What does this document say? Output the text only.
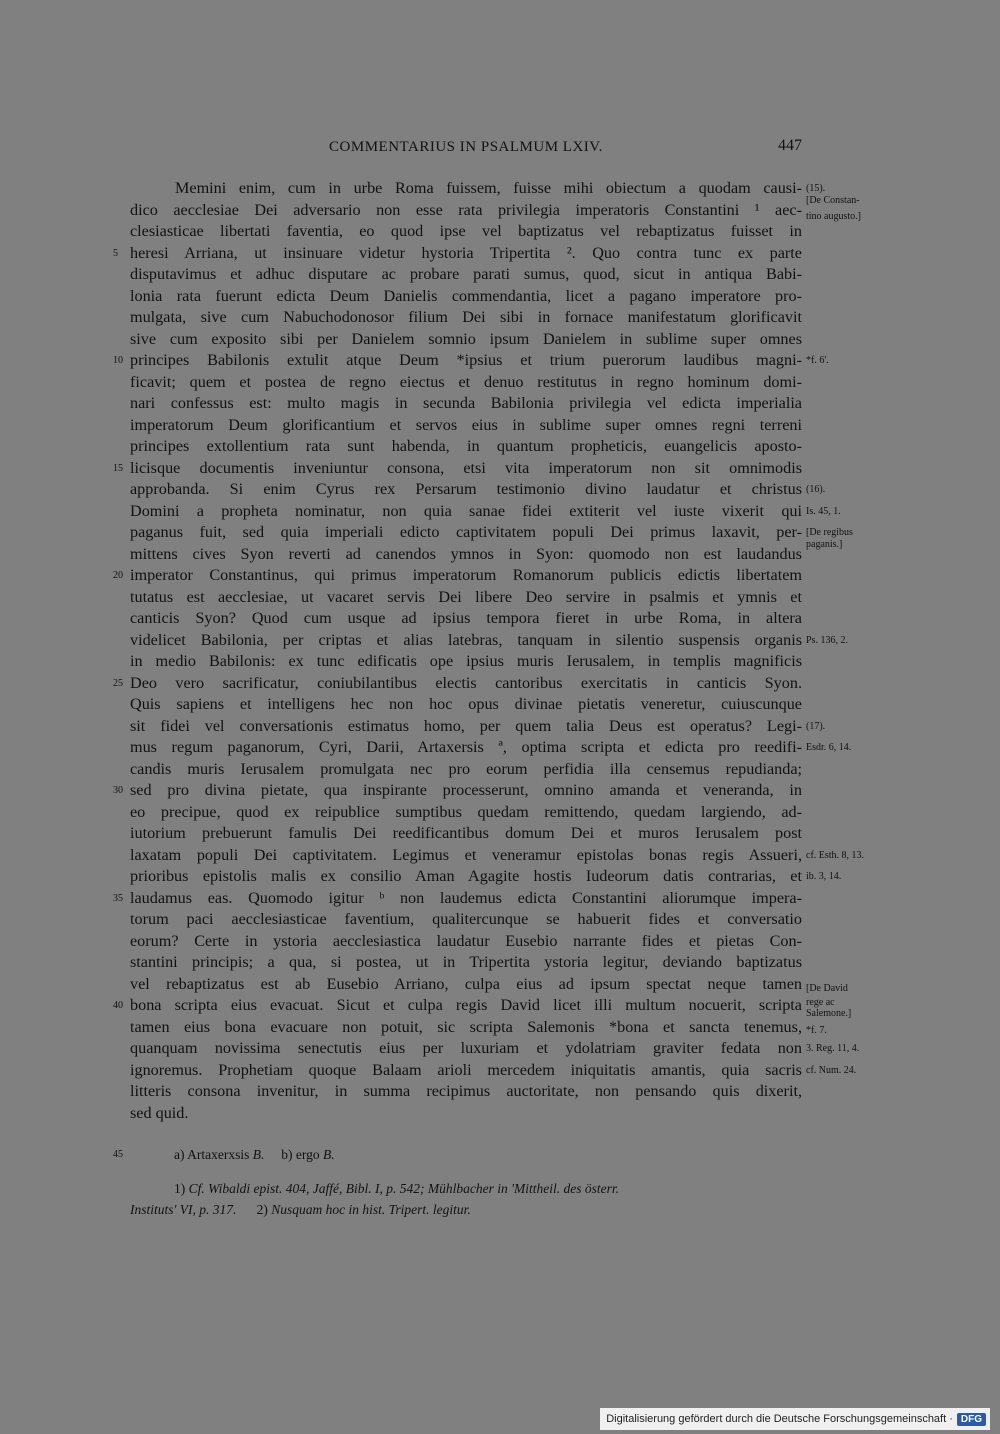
COMMENTARIUS IN PSALMUM LXIV.	447
Memini enim, cum in urbe Roma fuissem, fuisse mihi obiectum a quodam causi-
dico aecclesiae Dei adversario non esse rata privilegia imperatoris Constantini ¹ aec-
clesiasticae libertati faventia, eo quod ipse vel baptizatus vel rebaptizatus fuisset in
heresi Arriana, ut insinuare videtur hystoria Tripertita ². Quo contra tunc ex parte
disputavimus et adhuc disputare ac probare parati sumus, quod, sicut in antiqua Babi-
lonia rata fuerunt edicta Deum Danielis commendantia, licet a pagano imperatore pro-
mulgata, sive cum Nabuchodonosor filium Dei sibi in fornace manifestatum glorificavit
sive cum exposito sibi per Danielem somnio ipsum Danielem in sublime super omnes
principes Babilonis extulit atque Deum *ipsius et trium puerorum laudibus magni-
ficavit; quem et postea de regno eiectus et denuo restitutus in regno hominum domi-
nari confessus est: multo magis in secunda Babilonia privilegia vel edicta imperialia
imperatorum Deum glorificantium et servos eius in sublime super omnes regni terreni
principes extollentium rata sunt habenda, in quantum propheticis, euangelicis aposto-
licisque documentis inveniuntur consona, etsi vita imperatorum non sit omnimodis
approbanda. Si enim Cyrus rex Persarum testimonio divino laudatur et christus
Domini a propheta nominatur, non quia sanae fidei extiterit vel iuste vixerit qui
paganus fuit, sed quia imperiali edicto captivitatem populi Dei primus laxavit, per-
mittens cives Syon reverti ad canendos ymnos in Syon: quomodo non est laudandus
imperator Constantinus, qui primus imperatorum Romanorum publicis edictis libertatem
tutatus est aecclesiae, ut vacaret servis Dei libere Deo servire in psalmis et ymnis et
canticis Syon? Quod cum usque ad ipsius tempora fieret in urbe Roma, in altera
videlicet Babilonia, per criptas et alias latebras, tanquam in silentio suspensis organis
in medio Babilonis: ex tunc edificatis ope ipsius muris Ierusalem, in templis magnificis
Deo vero sacrificatur, coniubilantibus electis cantoribus exercitatis in canticis Syon.
Quis sapiens et intelligens hec non hoc opus divinae pietatis veneretur, cuiuscunque
sit fidei vel conversationis estimatus homo, per quem talia Deus est operatus? Legi-
mus regum paganorum, Cyri, Darii, Artaxersis ª, optima scripta et edicta pro reedifi-
candis muris Ierusalem promulgata nec pro eorum perfidia illa censemus repudianda;
sed pro divina pietate, qua inspirante processerunt, omnino amanda et veneranda, in
eo precipue, quod ex reipublice sumptibus quedam remittendo, quedam largiendo, ad-
iutorium prebuerunt famulis Dei reedificantibus domum Dei et muros Ierusalem post
laxatam populi Dei captivitatem. Legimus et veneramur epistolas bonas regis Assueri,
prioribus epistolis malis ex consilio Aman Agagite hostis Iudeorum datis contrarias, et
laudamus eas. Quomodo igitur ᵇ non laudemus edicta Constantini aliorumque impera-
torum paci aecclesiasticae faventium, qualitercunque se habuerit fides et conversatio
eorum? Certe in ystoria aecclesiastica laudatur Eusebio narrante fides et pietas Con-
stantini principis; a qua, si postea, ut in Tripertita ystoria legitur, deviando baptizatus
vel rebaptizatus est ab Eusebio Arriano, culpa eius ad ipsum spectat neque tamen
bona scripta eius evacuat. Sicut et culpa regis David licet illi multum nocuerit, scripta
tamen eius bona evacuare non potuit, sic scripta Salemonis *bona et sancta tenemus,
quanquam novissima senectutis eius per luxuriam et ydolatriam graviter fedata non
ignoremus. Prophetiam quoque Balaam arioli mercedem iniquitatis amantis, quia sacris
litteris consona invenitur, in summa recipimus auctoritate, non pensando quis dixerit,
sed quid.
5
10
15
20
25
30
35
40
(15).
[De Constan-
tino augusto.]
*f. 6'.
(16).
Is. 45, 1.
[De regibus
paganis.]
Ps. 136, 2.
(17).
Esdr. 6, 14.
cf. Esth. 8, 13.
ib. 3, 14.
[De David
rege ac
Salemone.]
*f. 7.
3. Reg. 11, 4.
cf. Num. 24.
45	a) Artaxerxsis B. b) ergo B.
1) Cf. Wibaldi epist. 404, Jaffé, Bibl. I, p. 542; Mühlbacher in 'Mittheil. des österr.
Instituts' VI, p. 317. 2) Nusquam hoc in hist. Tripert. legitur.
Digitalisierung gefördert durch die Deutsche Forschungsgemeinschaft · DFG
